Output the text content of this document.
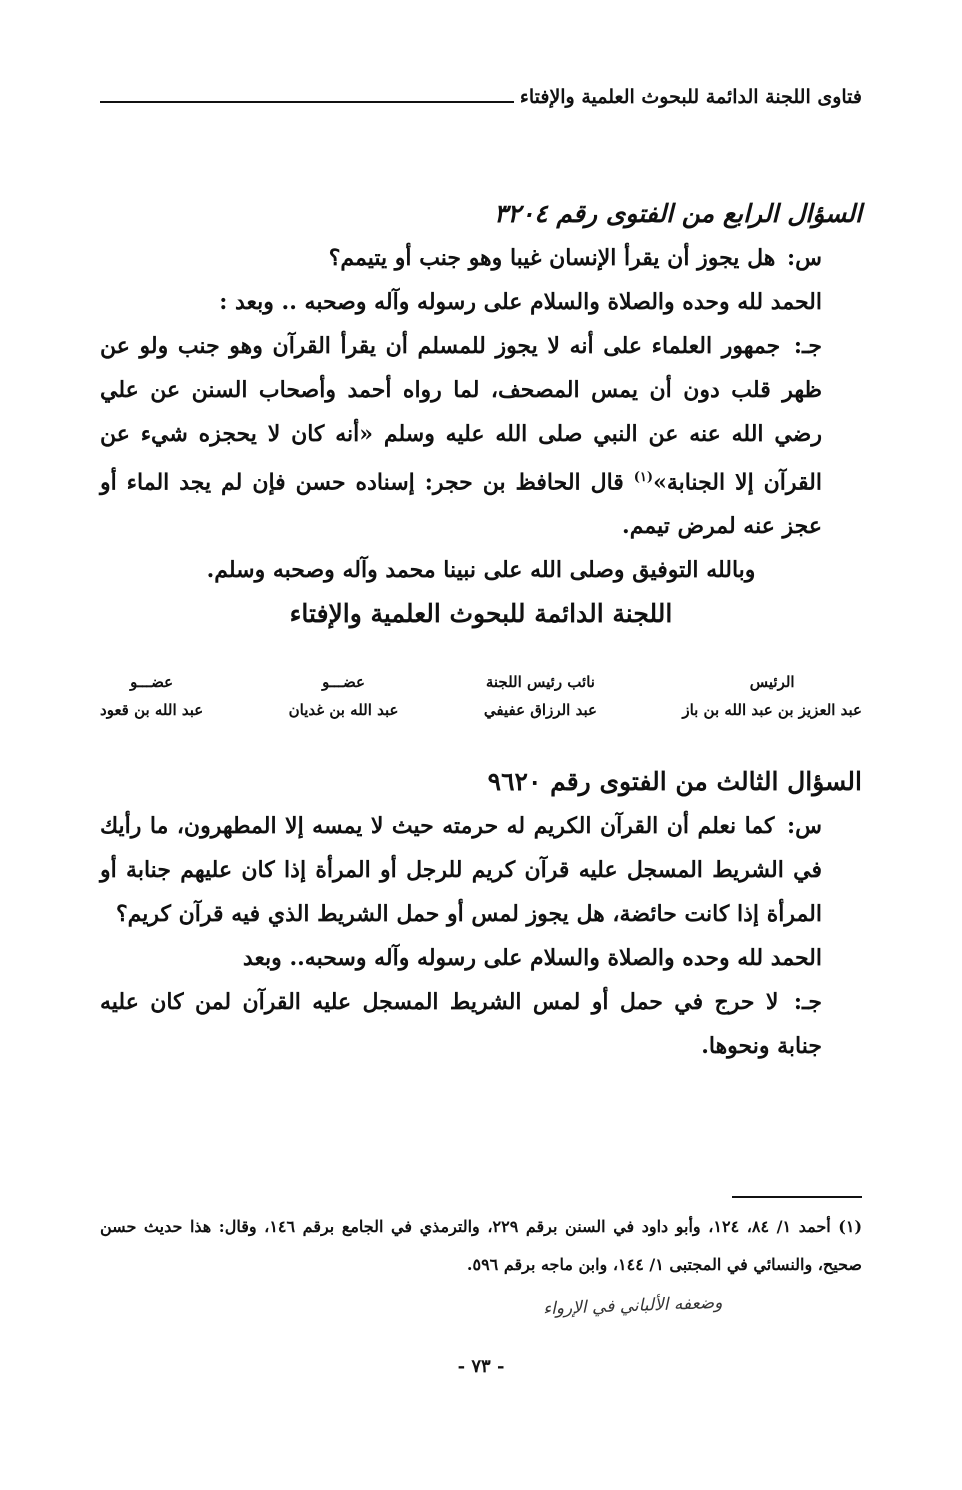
فتاوى اللجنة الدائمة للبحوث العلمية والإفتاء
السؤال الرابع من الفتوى رقم ٣٢٠٤
س: هل يجوز أن يقرأ الإنسان غيبا وهو جنب أو يتيمم؟
الحمد لله وحده والصلاة والسلام على رسوله وآله وصحبه .. وبعد :
جـ: جمهور العلماء على أنه لا يجوز للمسلم أن يقرأ القرآن وهو جنب ولو عن ظهر قلب دون أن يمس المصحف، لما رواه أحمد وأصحاب السنن عن علي رضي الله عنه عن النبي صلى الله عليه وسلم «أنه كان لا يحجزه شيء عن القرآن إلا الجنابة»$^{(١)}$ قال الحافظ بن حجر: إسناده حسن فإن لم يجد الماء أو عجز عنه لمرض تيمم.
وبالله التوفيق وصلى الله على نبينا محمد وآله وصحبه وسلم.
اللجنة الدائمة للبحوث العلمية والإفتاء
الرئيس
عبد العزيز بن عبد الله بن باز
نائب رئيس اللجنة
عبد الرزاق عفيفي
عضـــو
عبد الله بن غديان
عضـــو
عبد الله بن قعود
السؤال الثالث من الفتوى رقم ٩٦٢٠
س: كما نعلم أن القرآن الكريم له حرمته حيث لا يمسه إلا المطهرون، ما رأيك في الشريط المسجل عليه قرآن كريم للرجل أو المرأة إذا كان عليهم جنابة أو المرأة إذا كانت حائضة، هل يجوز لمس أو حمل الشريط الذي فيه قرآن كريم؟
الحمد لله وحده والصلاة والسلام على رسوله وآله وسحبه.. وبعد
جـ: لا حرج في حمل أو لمس الشريط المسجل عليه القرآن لمن كان عليه جنابة ونحوها.
(١) أحمد ١/ ٨٤، ١٢٤، وأبو داود في السنن برقم ٢٢٩، والترمذي في الجامع برقم ١٤٦، وقال: هذا حديث حسن صحيح، والنسائي في المجتبى ١/ ١٤٤، وابن ماجه برقم ٥٩٦.
وضعفه الألباني في الإرواء
- ٧٣ -
